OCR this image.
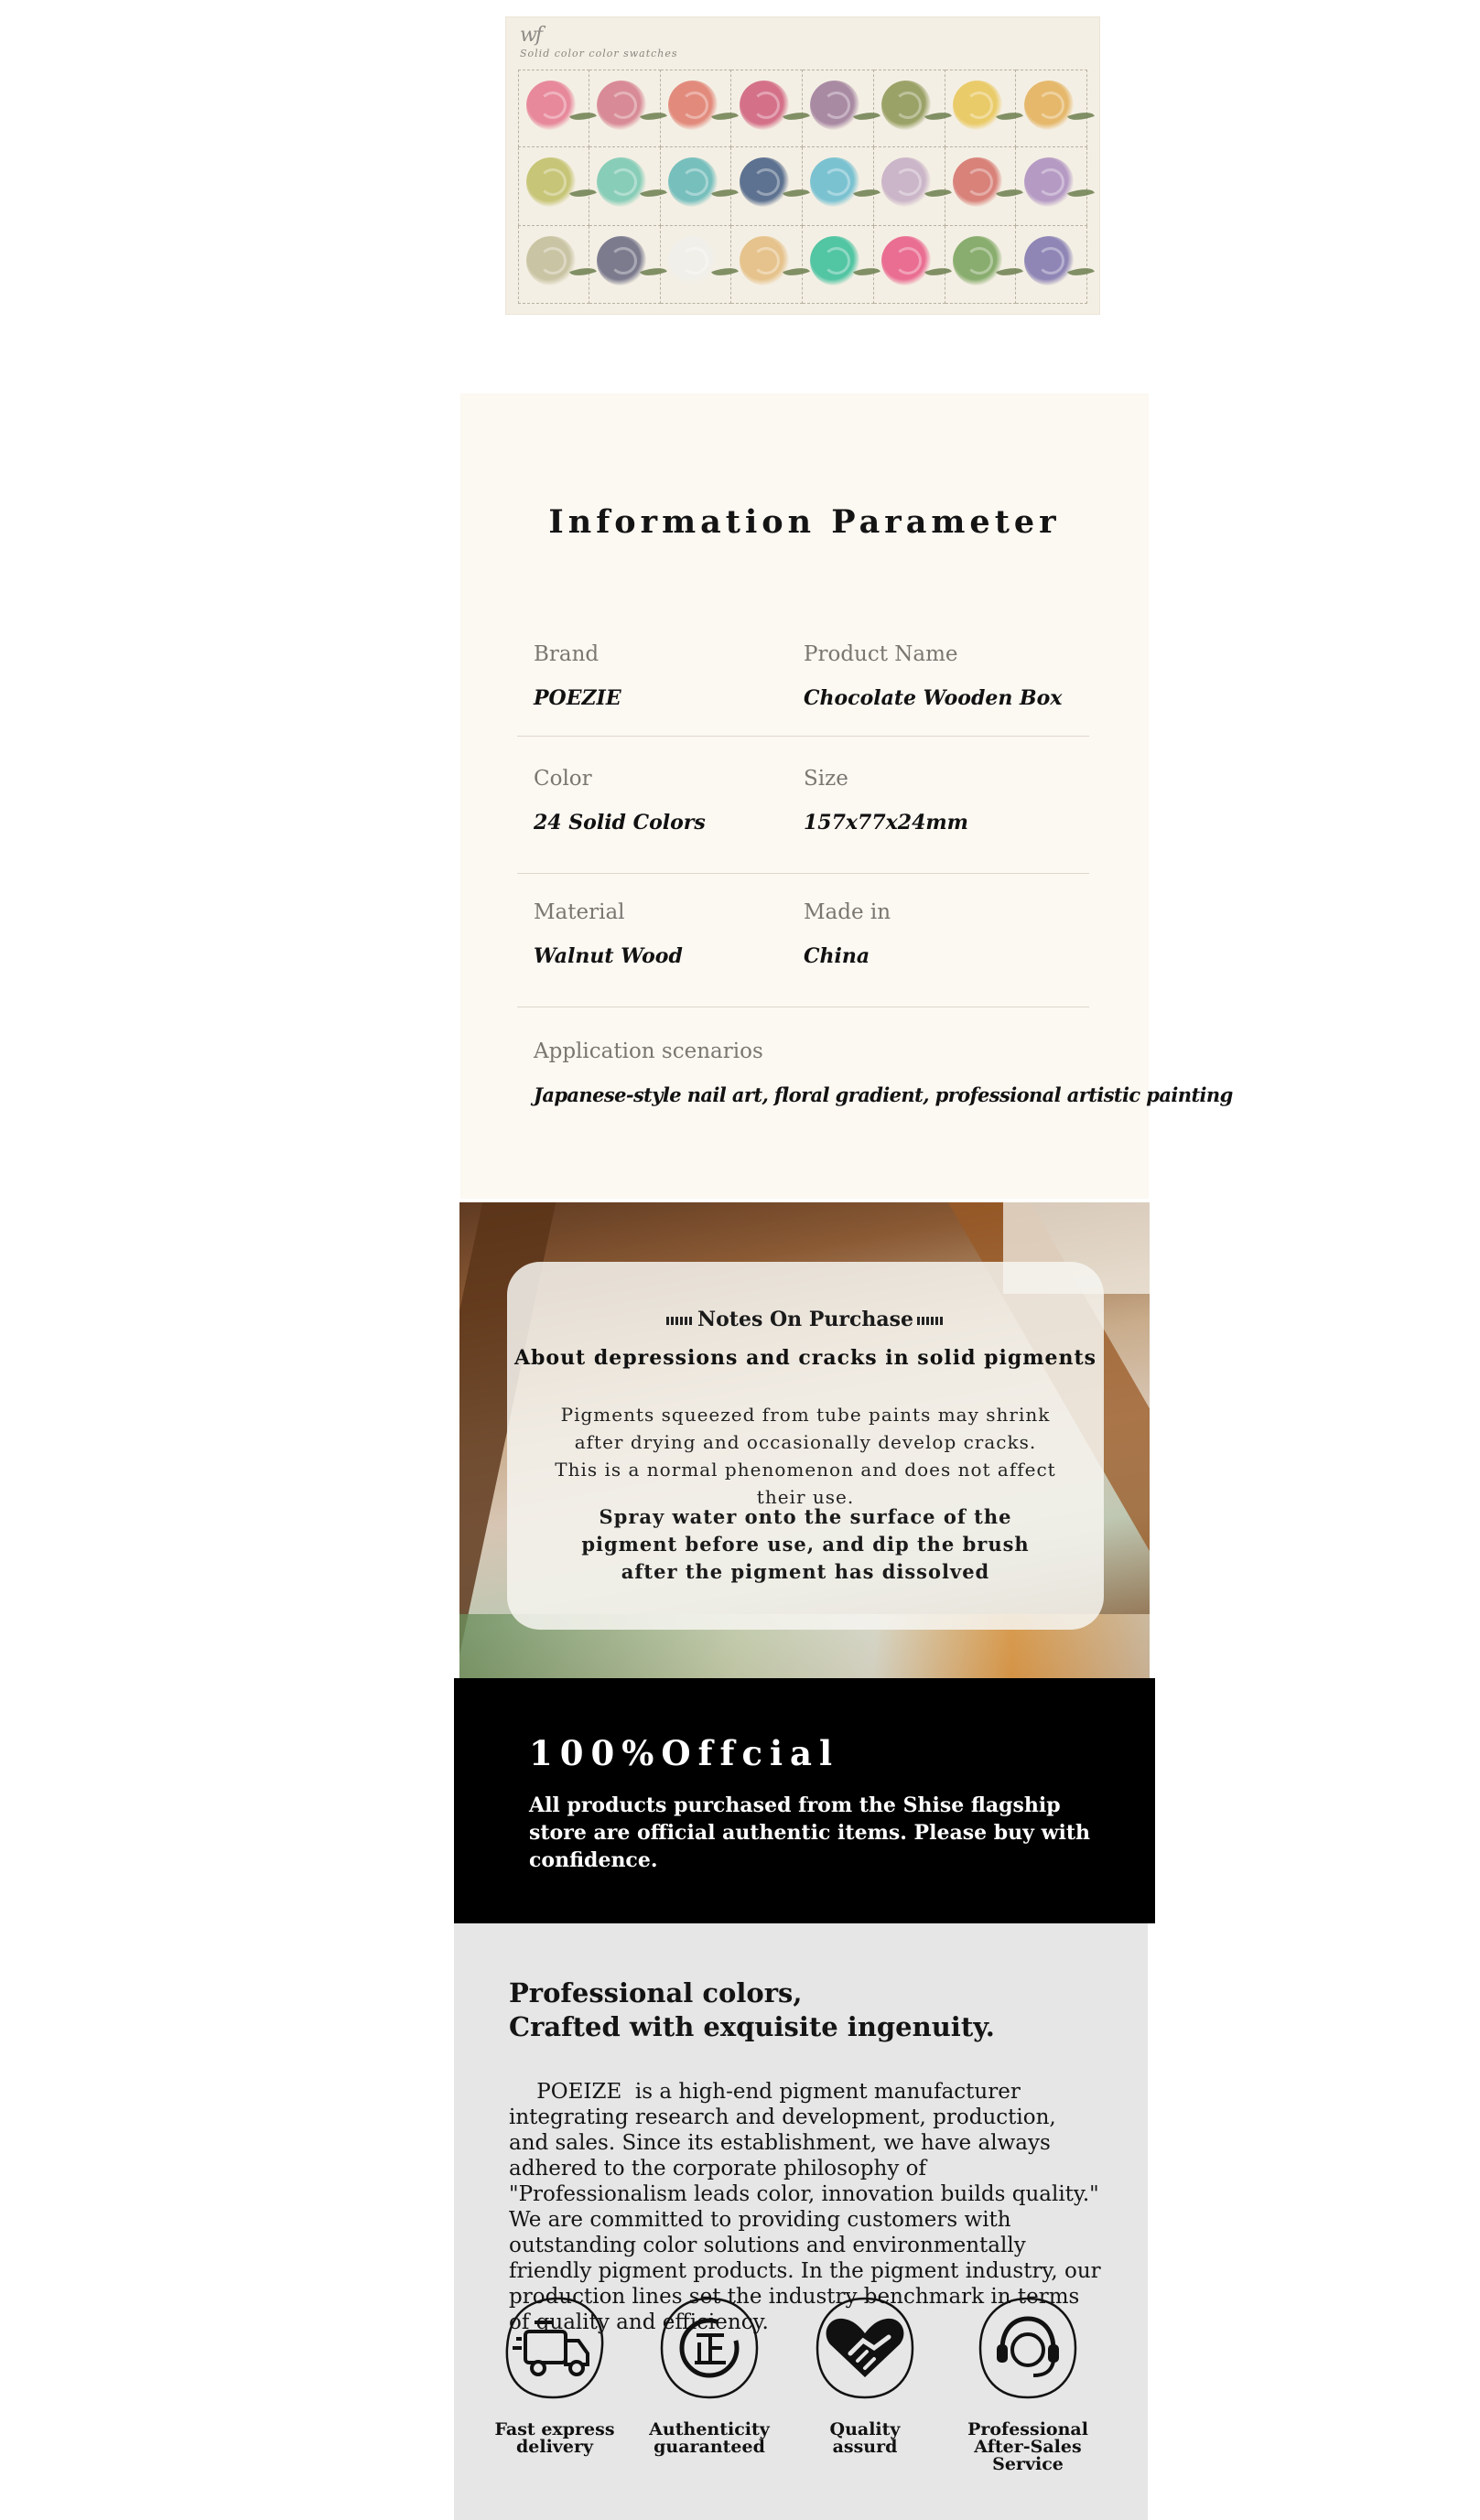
wf
Solid color color swatches
Information Parameter
Brand
POEZIE
Product Name
Chocolate Wooden Box
Color
24 Solid Colors
Size
157x77x24mm
Material
Walnut Wood
Made in
China
Application scenarios
Japanese-style nail art, floral gradient, professional artistic painting
Notes On Purchase
About depressions and cracks in solid pigments
Pigments squeezed from tube paints may shrink after drying and occasionally develop cracks. This is a normal phenomenon and does not affect their use.
Spray water onto the surface of the pigment before use, and dip the brush after the pigment has dissolved
100%Offcial
All products purchased from the Shise flagship store are official authentic items. Please buy with confidence.
Professional colors,
Crafted with exquisite ingenuity.
  POEIZE  is a high-end pigment manufacturer integrating research and development, production, and sales. Since its establishment, we have always adhered to the corporate philosophy of "Professionalism leads color, innovation builds quality." We are committed to providing customers with outstanding color solutions and environmentally friendly pigment products. In the pigment industry, our production lines set the industry benchmark in terms of quality and efficiency.
Fast express
delivery
Authenticity
guaranteed
Quality
assurd
Professional
After-Sales Service
